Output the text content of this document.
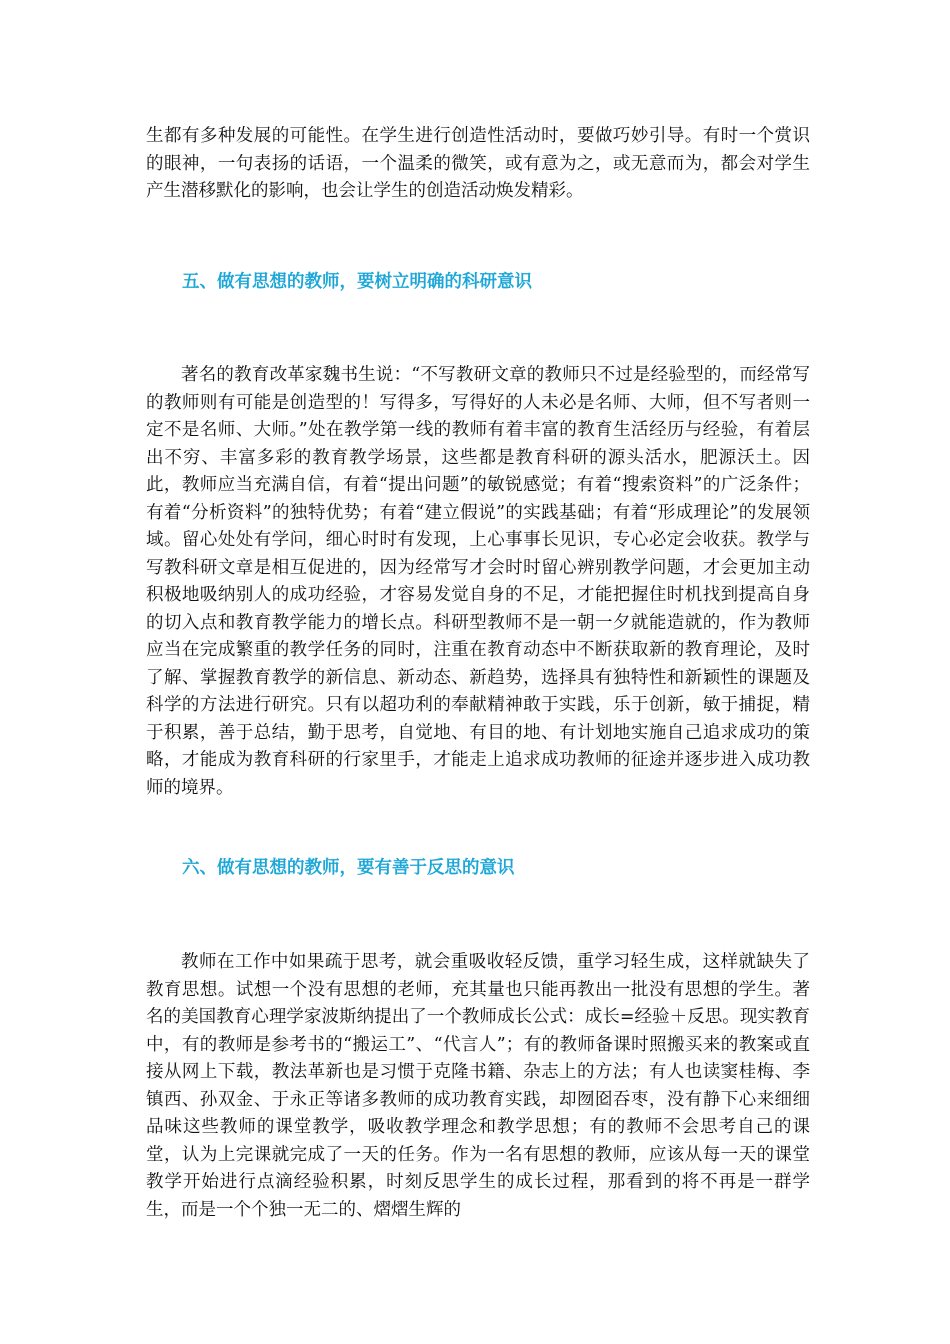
生都有多种发展的可能性。在学生进行创造性活动时，要做巧妙引导。有时一个赏识的眼神，一句表扬的话语，一个温柔的微笑，或有意为之，或无意而为，都会对学生产生潜移默化的影响，也会让学生的创造活动焕发精彩。

五、做有思想的教师，要树立明确的科研意识

著名的教育改革家魏书生说：“不写教研文章的教师只不过是经验型的，而经常写的教师则有可能是创造型的！写得多，写得好的人未必是名师、大师，但不写者则一定不是名师、大师。”处在教学第一线的教师有着丰富的教育生活经历与经验，有着层出不穷、丰富多彩的教育教学场景，这些都是教育科研的源头活水，肥源沃土。因此，教师应当充满自信，有着“提出问题”的敏锐感觉；有着“搜索资料”的广泛条件；有着“分析资料”的独特优势；有着“建立假说”的实践基础；有着“形成理论”的发展领域。留心处处有学问，细心时时有发现，上心事事长见识，专心必定会收获。教学与写教科研文章是相互促进的，因为经常写才会时时留心辨别教学问题，才会更加主动积极地吸纳别人的成功经验，才容易发觉自身的不足，才能把握住时机找到提高自身的切入点和教育教学能力的增长点。科研型教师不是一朝一夕就能造就的，作为教师应当在完成繁重的教学任务的同时，注重在教育动态中不断获取新的教育理论，及时了解、掌握教育教学的新信息、新动态、新趋势，选择具有独特性和新颖性的课题及科学的方法进行研究。只有以超功利的奉献精神敢于实践，乐于创新，敏于捕捉，精于积累，善于总结，勤于思考，自觉地、有目的地、有计划地实施自己追求成功的策略，才能成为教育科研的行家里手，才能走上追求成功教师的征途并逐步进入成功教师的境界。

六、做有思想的教师，要有善于反思的意识

教师在工作中如果疏于思考，就会重吸收轻反馈，重学习轻生成，这样就缺失了教育思想。试想一个没有思想的老师，充其量也只能再教出一批没有思想的学生。著名的美国教育心理学家波斯纳提出了一个教师成长公式：成长=经验＋反思。现实教育中，有的教师是参考书的“搬运工”、“代言人”；有的教师备课时照搬买来的教案或直接从网上下载，教法革新也是习惯于克隆书籍、杂志上的方法；有人也读窦桂梅、李镇西、孙双金、于永正等诸多教师的成功教育实践，却囫囵吞枣，没有静下心来细细品味这些教师的课堂教学，吸收教学理念和教学思想；有的教师不会思考自己的课堂，认为上完课就完成了一天的任务。作为一名有思想的教师，应该从每一天的课堂教学开始进行点滴经验积累，时刻反思学生的成长过程，那看到的将不再是一群学生，而是一个个独一无二的、熠熠生辉的
